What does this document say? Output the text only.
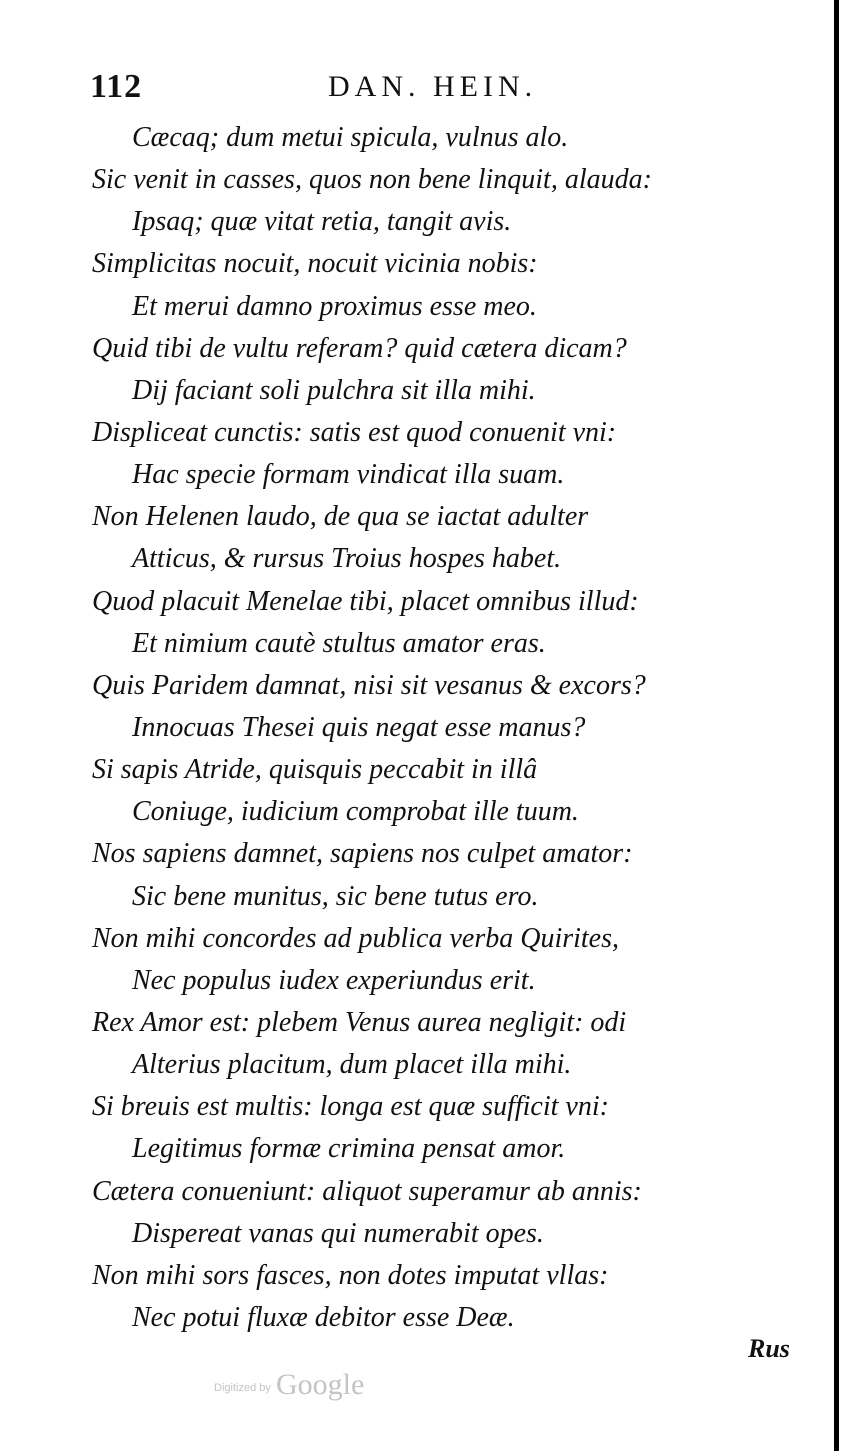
112	DAN. HEIN.
Cæcaq; dum metui spicula, vulnus alo.
Sic venit in casses, quos non bene linquit, alauda:
Ipsaq; quæ vitat retia, tangit avis.
Simplicitas nocuit, nocuit vicinia nobis:
Et merui damno proximus esse meo.
Quid tibi de vultu referam? quid cætera dicam?
Dij faciant soli pulchra sit illa mihi.
Displiceat cunctis: satis est quod conuenit vni:
Hac specie formam vindicat illa suam.
Non Helenen laudo, de qua se iactat adulter
Atticus, & rursus Troius hospes habet.
Quod placuit Menelae tibi, placet omnibus illud:
Et nimium cautè stultus amator eras.
Quis Paridem damnat, nisi sit vesanus & excors?
Innocuas Thesei quis negat esse manus?
Si sapis Atride, quisquis peccabit in illâ
Coniuge, iudicium comprobat ille tuum.
Nos sapiens damnet, sapiens nos culpet amator:
Sic bene munitus, sic bene tutus ero.
Non mihi concordes ad publica verba Quirites,
Nec populus iudex experiundus erit.
Rex Amor est: plebem Venus aurea negligit: odi
Alterius placitum, dum placet illa mihi.
Si breuis est multis: longa est quæ sufficit vni:
Legitimus formæ crimina pensat amor.
Cætera conueniunt: aliquot superamur ab annis:
Dispereat vanas qui numerabit opes.
Non mihi sors fasces, non dotes imputat vllas:
Nec potui fluxæ debitor esse Deæ.
Rus
Digitized by Google
